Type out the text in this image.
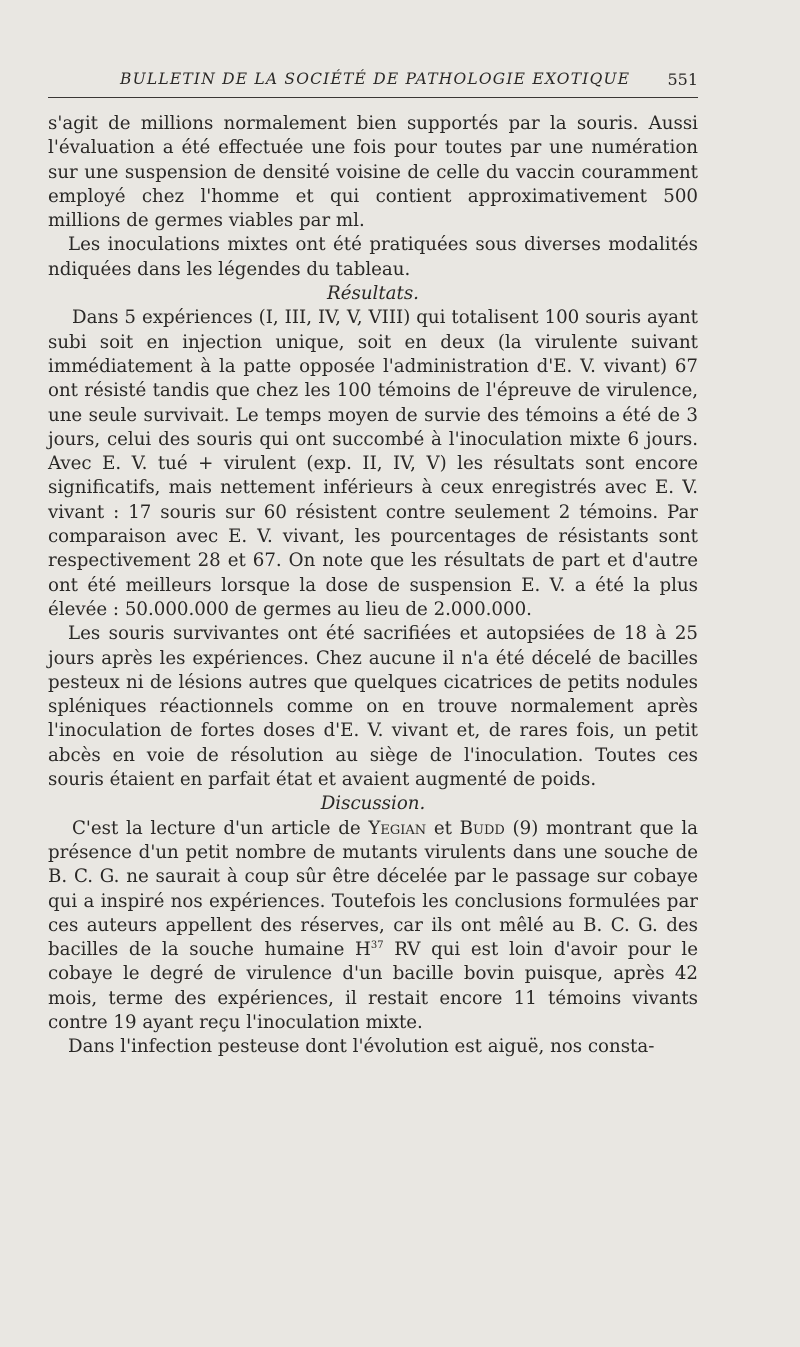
BULLETIN DE LA SOCIÉTÉ DE PATHOLOGIE EXOTIQUE 551

s'agit de millions normalement bien supportés par la souris. Aussi l'évaluation a été effectuée une fois pour toutes par une numération sur une suspension de densité voisine de celle du vaccin couramment employé chez l'homme et qui contient approximativement 500 millions de germes viables par ml.

Les inoculations mixtes ont été pratiquées sous diverses modalités ndiquées dans les légendes du tableau.

Résultats.

Dans 5 expériences (I, III, IV, V, VIII) qui totalisent 100 souris ayant subi soit en injection unique, soit en deux (la virulente suivant immédiatement à la patte opposée l'administration d'E. V. vivant) 67 ont résisté tandis que chez les 100 témoins de l'épreuve de virulence, une seule survivait. Le temps moyen de survie des témoins a été de 3 jours, celui des souris qui ont succombé à l'inoculation mixte 6 jours. Avec E. V. tué + virulent (exp. II, IV, V) les résultats sont encore significatifs, mais nettement inférieurs à ceux enregistrés avec E. V. vivant : 17 souris sur 60 résistent contre seulement 2 témoins. Par comparaison avec E. V. vivant, les pourcentages de résistants sont respectivement 28 et 67. On note que les résultats de part et d'autre ont été meilleurs lorsque la dose de suspension E. V. a été la plus élevée : 50.000.000 de germes au lieu de 2.000.000.

Les souris survivantes ont été sacrifiées et autopsiées de 18 à 25 jours après les expériences. Chez aucune il n'a été décelé de bacilles pesteux ni de lésions autres que quelques cicatrices de petits nodules spléniques réactionnels comme on en trouve normalement après l'inoculation de fortes doses d'E. V. vivant et, de rares fois, un petit abcès en voie de résolution au siège de l'inoculation. Toutes ces souris étaient en parfait état et avaient augmenté de poids.

Discussion.

C'est la lecture d'un article de Yegian et Budd (9) montrant que la présence d'un petit nombre de mutants virulents dans une souche de B. C. G. ne saurait à coup sûr être décelée par le passage sur cobaye qui a inspiré nos expériences. Toutefois les conclusions formulées par ces auteurs appellent des réserves, car ils ont mêlé au B. C. G. des bacilles de la souche humaine $H^{37}$ RV qui est loin d'avoir pour le cobaye le degré de virulence d'un bacille bovin puisque, après 42 mois, terme des expériences, il restait encore 11 témoins vivants contre 19 ayant reçu l'inoculation mixte.

Dans l'infection pesteuse dont l'évolution est aiguë, nos consta-
